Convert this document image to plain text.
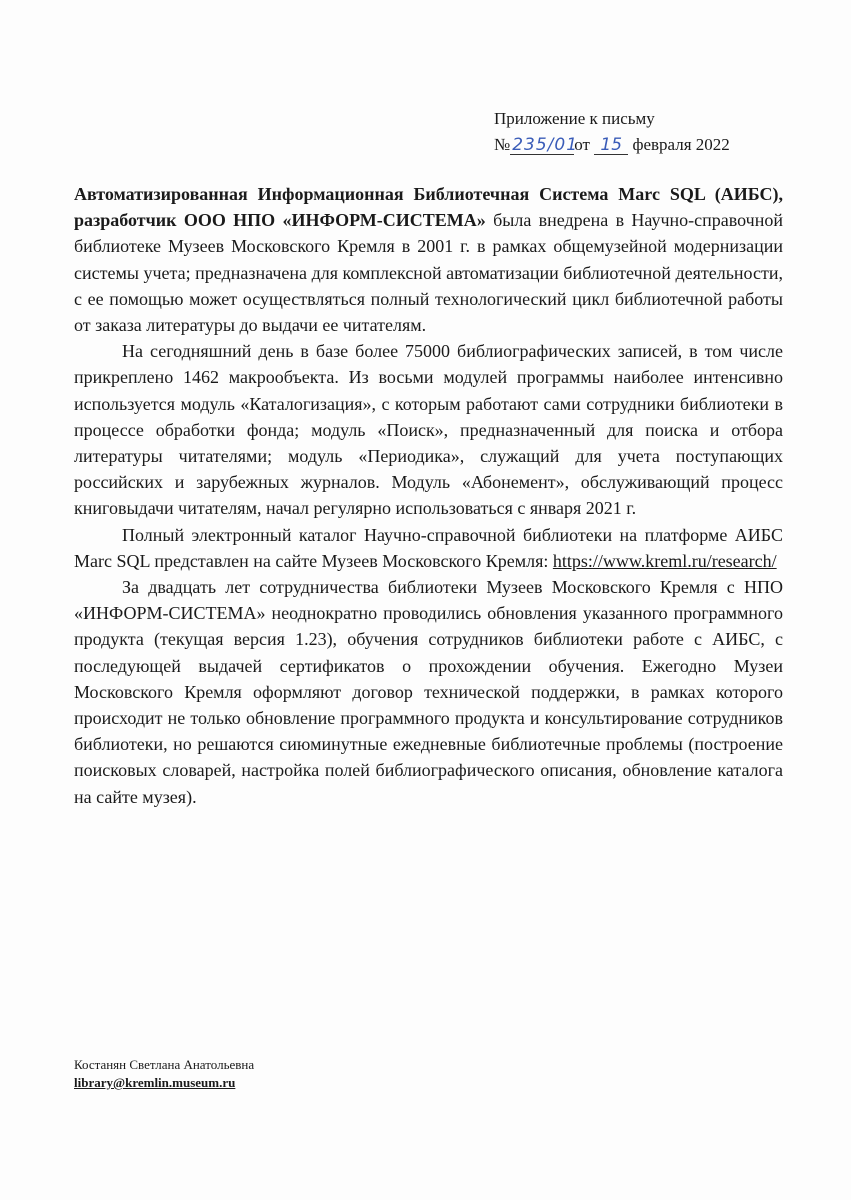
Приложение к письму
№ 235/01от 15 февраля 2022

Автоматизированная Информационная Библиотечная Система Marc SQL (АИБС), разработчик ООО НПО «ИНФОРМ-СИСТЕМА» была внедрена в Научно-справочной библиотеке Музеев Московского Кремля в 2001 г. в рамках общемузейной модернизации системы учета; предназначена для комплексной автоматизации библиотечной деятельности, с ее помощью может осуществляться полный технологический цикл библиотечной работы от заказа литературы до выдачи ее читателям.

На сегодняшний день в базе более 75000 библиографических записей, в том числе прикреплено 1462 макрообъекта. Из восьми модулей программы наиболее интенсивно используется модуль «Каталогизация», с которым работают сами сотрудники библиотеки в процессе обработки фонда; модуль «Поиск», предназначенный для поиска и отбора литературы читателями; модуль «Периодика», служащий для учета поступающих российских и зарубежных журналов. Модуль «Абонемент», обслуживающий процесс книговыдачи читателям, начал регулярно использоваться с января 2021 г.

Полный электронный каталог Научно-справочной библиотеки на платформе АИБС Marc SQL представлен на сайте Музеев Московского Кремля: https://www.kreml.ru/research/

За двадцать лет сотрудничества библиотеки Музеев Московского Кремля с НПО «ИНФОРМ-СИСТЕМА» неоднократно проводились обновления указанного программного продукта (текущая версия 1.23), обучения сотрудников библиотеки работе с АИБС, с последующей выдачей сертификатов о прохождении обучения. Ежегодно Музеи Московского Кремля оформляют договор технической поддержки, в рамках которого происходит не только обновление программного продукта и консультирование сотрудников библиотеки, но решаются сиюминутные ежедневные библиотечные проблемы (построение поисковых словарей, настройка полей библиографического описания, обновление каталога на сайте музея).

Костанян Светлана Анатольевна
library@kremlin.museum.ru
